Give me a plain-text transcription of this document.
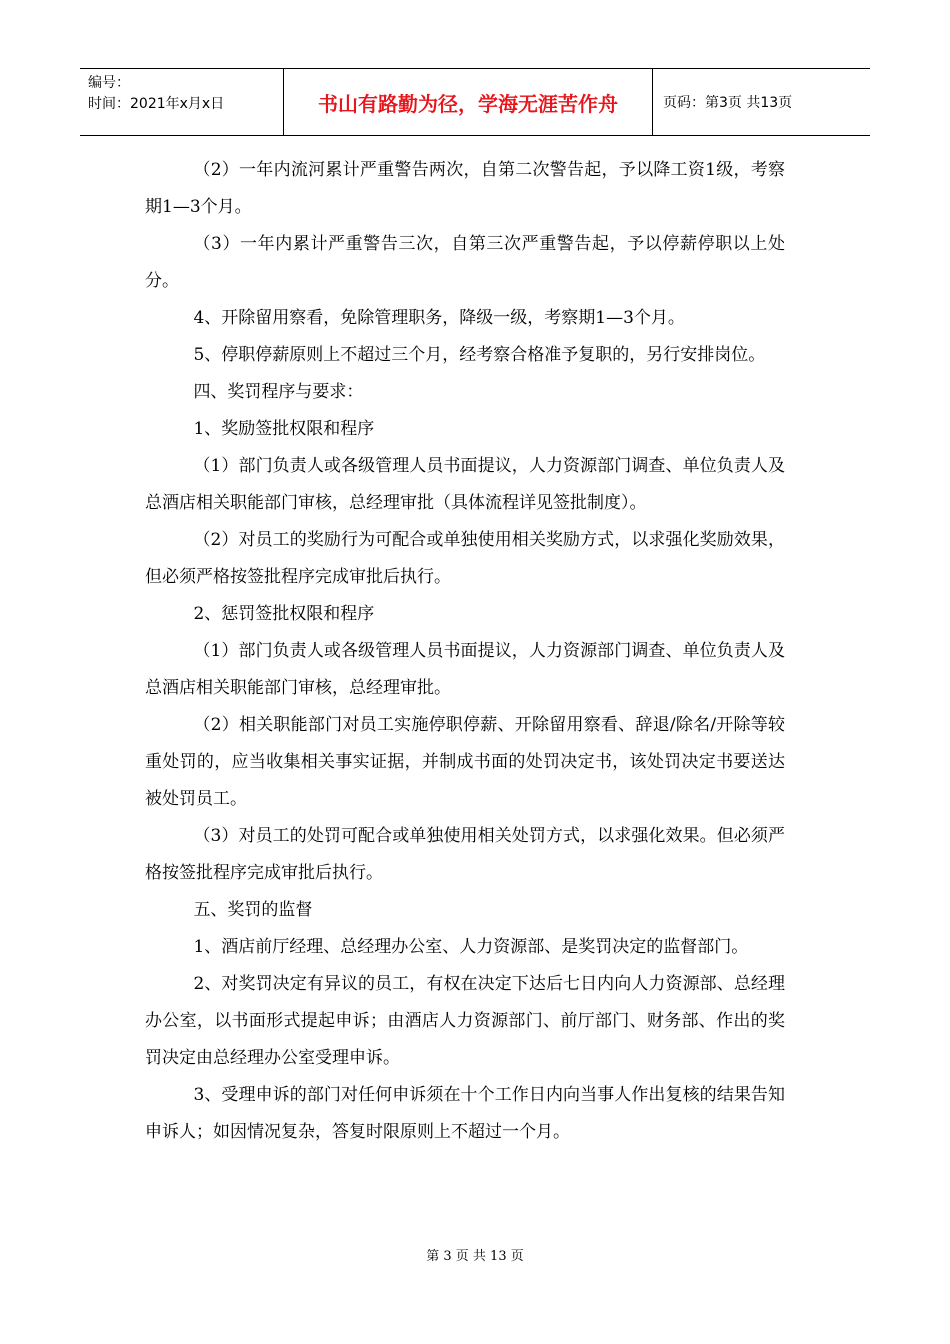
编号：
时间：2021年x月x日	书山有路勤为径，学海无涯苦作舟	页码：第3页 共13页

（2）一年内流河累计严重警告两次，自第二次警告起，予以降工资1级，考察期1—3个月。

（3）一年内累计严重警告三次，自第三次严重警告起，予以停薪停职以上处分。

4、开除留用察看，免除管理职务，降级一级，考察期1—3个月。

5、停职停薪原则上不超过三个月，经考察合格准予复职的，另行安排岗位。

四、奖罚程序与要求：

1、奖励签批权限和程序

（1）部门负责人或各级管理人员书面提议，人力资源部门调查、单位负责人及总酒店相关职能部门审核，总经理审批（具体流程详见签批制度）。

（2）对员工的奖励行为可配合或单独使用相关奖励方式，以求强化奖励效果，但必须严格按签批程序完成审批后执行。

2、惩罚签批权限和程序

（1）部门负责人或各级管理人员书面提议，人力资源部门调查、单位负责人及总酒店相关职能部门审核，总经理审批。

（2）相关职能部门对员工实施停职停薪、开除留用察看、辞退/除名/开除等较重处罚的，应当收集相关事实证据，并制成书面的处罚决定书，该处罚决定书要送达被处罚员工。

（3）对员工的处罚可配合或单独使用相关处罚方式，以求强化效果。但必须严格按签批程序完成审批后执行。

五、奖罚的监督

1、酒店前厅经理、总经理办公室、人力资源部、是奖罚决定的监督部门。

2、对奖罚决定有异议的员工，有权在决定下达后七日内向人力资源部、总经理办公室，以书面形式提起申诉；由酒店人力资源部门、前厅部门、财务部、作出的奖罚决定由总经理办公室受理申诉。

3、受理申诉的部门对任何申诉须在十个工作日内向当事人作出复核的结果告知申诉人；如因情况复杂，答复时限原则上不超过一个月。

第 3 页 共 13 页
